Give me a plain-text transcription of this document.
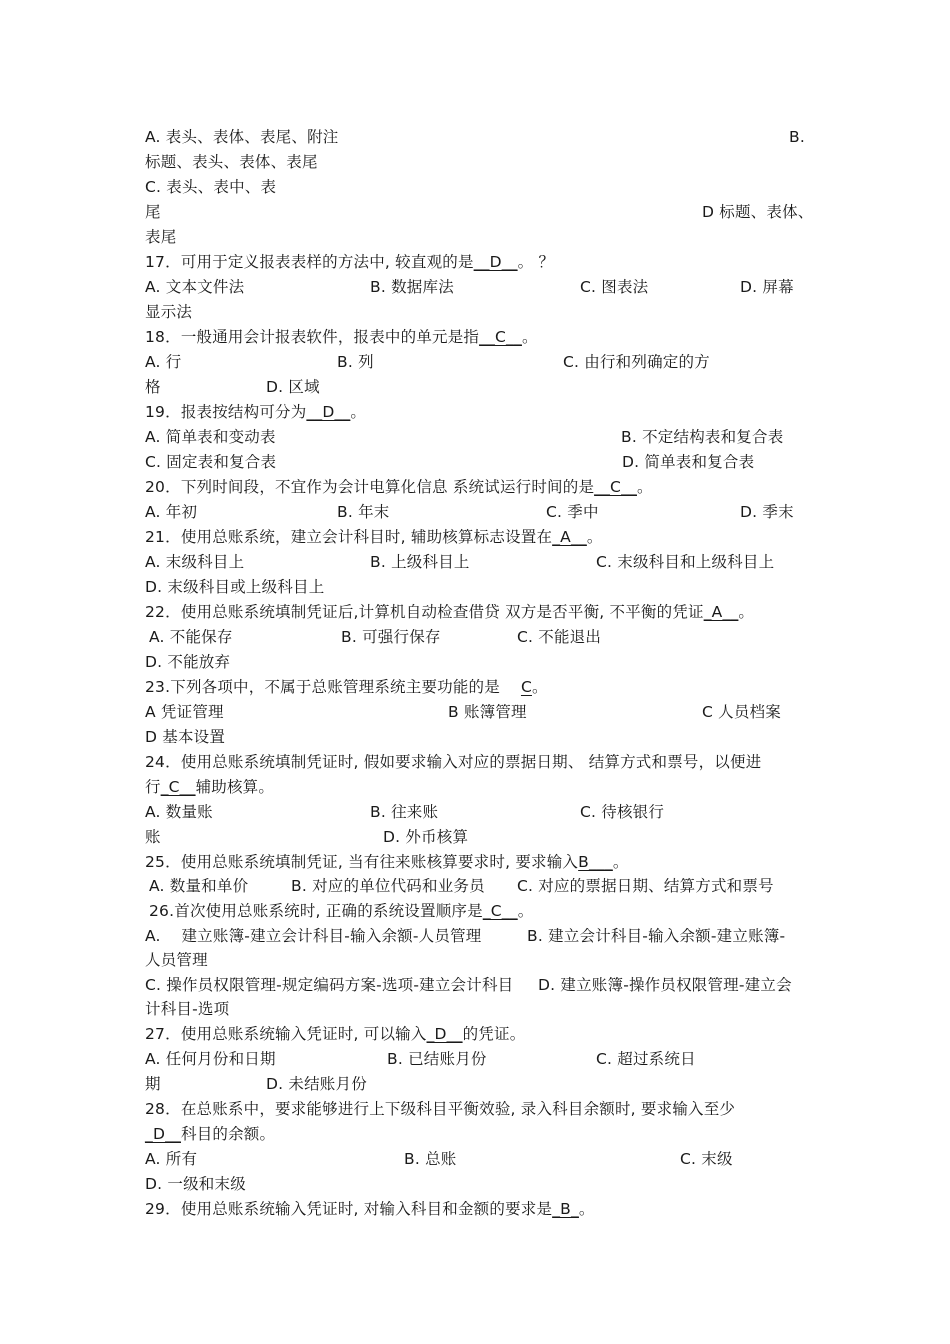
A. 表头、表体、表尾、附注	B.
标题、表头、表体、表尾
C. 表头、表中、表
尾	D 标题、表体、
表尾
17．可用于定义报表表样的方法中, 较直观的是__D__。 ？
A. 文本文件法	B. 数据库法	C. 图表法	D. 屏幕
显示法
18．一般通用会计报表软件，报表中的单元是指__C__。
A. 行	B. 列	C. 由行和列确定的方
格	D. 区域
19．报表按结构可分为__D__。
A. 简单表和变动表	B. 不定结构表和复合表
C. 固定表和复合表	D. 简单表和复合表
20．下列时间段，不宜作为会计电算化信息 系统试运行时间的是__C__。
A. 年初	B. 年末	C. 季中	D. 季末
21．使用总账系统，建立会计科目时, 辅助核算标志设置在_A__。
A. 末级科目上	B. 上级科目上	C. 末级科目和上级科目上
D. 末级科目或上级科目上
22．使用总账系统填制凭证后,计算机自动检查借贷 双方是否平衡, 不平衡的凭证_A__。
A. 不能保存	B. 可强行保存	C. 不能退出
D. 不能放弃
23.下列各项中，不属于总账管理系统主要功能的是 C。
A 凭证管理	B 账簿管理	C 人员档案
D 基本设置
24．使用总账系统填制凭证时, 假如要求输入对应的票据日期、 结算方式和票号，以便进
行_C__辅助核算。
A. 数量账	B. 往来账	C. 待核银行
账	D. 外币核算
25．使用总账系统填制凭证, 当有往来账核算要求时, 要求输入B___。
A. 数量和单价	B. 对应的单位代码和业务员 C. 对应的票据日期、结算方式和票号
26.首次使用总账系统时, 正确的系统设置顺序是_C__。
A.　 建立账簿-建立会计科目-输入余额-人员管理	B. 建立会计科目-输入余额-建立账簿-
人员管理
C. 操作员权限管理-规定编码方案-选项-建立会计科目 D. 建立账簿-操作员权限管理-建立会
计科目-选项
27．使用总账系统输入凭证时, 可以输入_D__的凭证。
A. 任何月份和日期	B. 已结账月份	C. 超过系统日
期	D. 未结账月份
28．在总账系中，要求能够进行上下级科目平衡效验, 录入科目余额时, 要求输入至少
_D__科目的余额。
A. 所有	B. 总账	C. 末级
D. 一级和末级
29．使用总账系统输入凭证时, 对输入科目和金额的要求是_B_。
